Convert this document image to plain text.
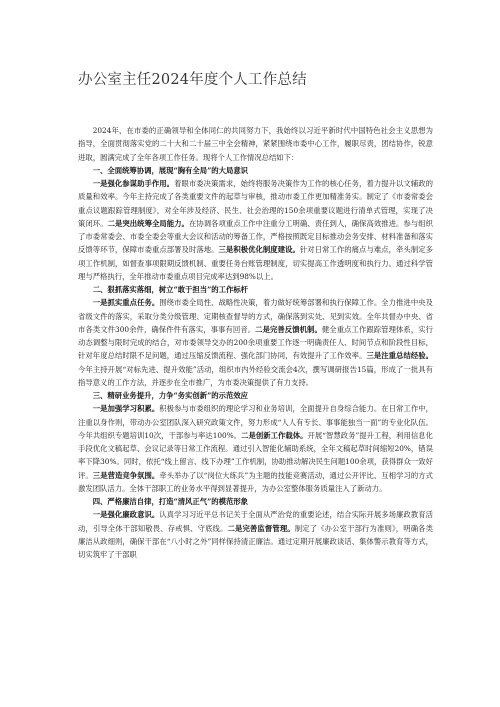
办公室主任2024年度个人工作总结

2024年，在市委的正确领导和全体同仁的共同努力下，我始终以习近平新时代中国特色社会主义思想为指导，全面贯彻落实党的二十大和二十届三中全会精神，紧紧围绕市委中心工作，履职尽责，团结协作，锐意进取，圆满完成了全年各项工作任务。现将个人工作情况总结如下：

一、全面统筹协调，展现“胸有全局”的大局意识

一是强化参谋助手作用。着眼市委决策需求，始终将服务决策作为工作的核心任务，着力提升以文辅政的质量和效率。今年主持完成了各类重要文件的起草与审核，推动市委工作更加精准务实。制定了《市委常委会重点议题跟踪管理制度》，对全年涉及经济、民生、社会治理的150余项重要议题进行清单式管理，实现了决策闭环。二是突出统筹全局能力。在协调各项重点工作中注重分工明确、责任到人，确保高效推进。参与组织了市委常委会、市委全委会等重大会议和活动的筹备工作，严格按照既定目标推动会务安排、材料准备和落实反馈等环节，保障市委重点部署及时落地。三是积极优化制度建设。针对日常工作的痛点与难点，牵头制定多项工作机制，如督查事项限期反馈机制、重要任务台账管理制度，切实提高工作透明度和执行力。通过科学管理与严格执行，全年推动市委重点项目完成率达到98%以上。

二、狠抓落实落细，树立“敢于担当”的工作标杆

一是抓实重点任务。围绕市委全局性、战略性决策，着力做好统筹部署和执行保障工作。全力推进中央及省级文件的落实，采取分类分级管理、定期核查督导的方式，确保落到实处、见到实效。全年共督办中央、省市各类文件300余件，确保件件有落实，事事有回音。二是完善反馈机制。健全重点工作跟踪管理体系，实行动态调整与限时完成的结合，对市委领导交办的200余项重要工作逐一明确责任人、时间节点和阶段性目标，针对年度总结时限不足问题，通过压缩反馈流程、强化部门协同，有效提升了工作效率。三是注重总结经验。今年主持开展“对标先进、提升效能”活动，组织市内外经验交流会4次，撰写调研报告15篇，形成了一批具有指导意义的工作方法，并逐步在全市推广，为市委决策提供了有力支持。

三、精研业务提升，力争“务实创新”的示范效应

一是加强学习积累。积极参与市委组织的理论学习和业务培训，全面提升自身综合能力。在日常工作中，注重以身作则，带动办公室团队深入研究政策文件，努力形成“人人有专长、事事能独当一面”的专业化队伍。今年共组织专题培训10次，干部参与率达100%。二是创新工作载体。开展“智慧政务”提升工程，利用信息化手段优化文稿起草、会议记录等日常工作流程。通过引入智能化辅助系统，全年文稿起草时间缩短20%，错误率下降30%。同时，依托“线上留言、线下办理”工作机制，协助推动解决民生问题100余项，获得群众一致好评。三是营造竞争氛围。牵头举办了以“岗位大练兵”为主题的技能竞赛活动，通过公开评比、互相学习的方式激发团队活力。全体干部职工的业务水平得到显著提升，为办公室整体服务质量注入了新动力。

四、严格廉洁自律，打造“清风正气”的模范形象

一是强化廉政意识。认真学习习近平总书记关于全面从严治党的重要论述，结合实际开展多场廉政教育活动，引导全体干部知敬畏、存戒惧、守底线。二是完善监督管理。制定了《办公室干部行为准则》，明确各类廉洁从政细则，确保干部在“八小时之外”同样保持清正廉洁。通过定期开展廉政谈话、集体警示教育等方式，切实筑牢了干部职
